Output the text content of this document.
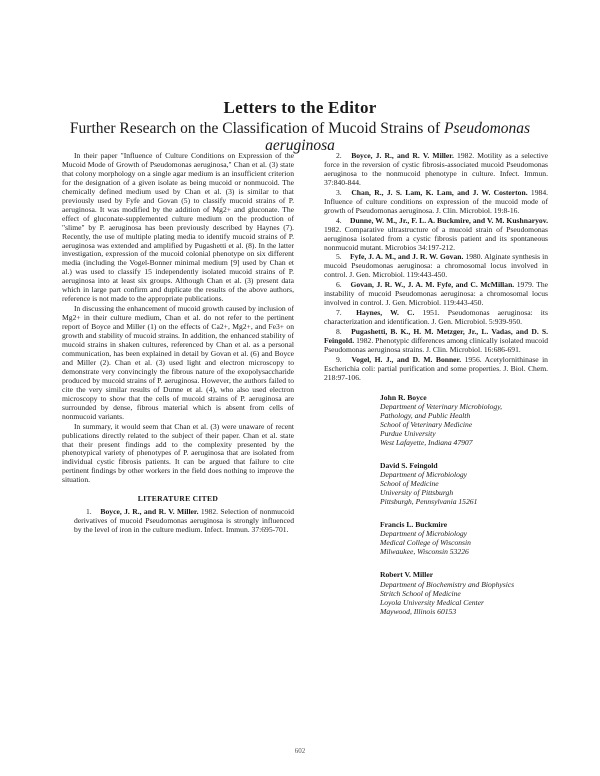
Letters to the Editor
Further Research on the Classification of Mucoid Strains of Pseudomonas
aeruginosa

In their paper "Influence of Culture Conditions on Expression of the Mucoid Mode of Growth of Pseudomonas aeruginosa," Chan et al. (3) state that colony morphology on a single agar medium is an insufficient criterion for the designation of a given isolate as being mucoid or nonmucoid. The chemically defined medium used by Chan et al. (3) is similar to that previously used by Fyfe and Govan (5) to classify mucoid strains of P. aeruginosa. It was modified by the addition of Mg2+ and gluconate. The effect of gluconate-supplemented culture medium on the production of "slime" by P. aeruginosa has been previously described by Haynes (7). Recently, the use of multiple plating media to identify mucoid strains of P. aeruginosa was extended and amplified by Pugashetti et al. (8). In the latter investigation, expression of the mucoid colonial phenotype on six different media (including the Vogel-Bonner minimal medium [9] used by Chan et al.) was used to classify 15 independently isolated mucoid strains of P. aeruginosa into at least six groups. Although Chan et al. (3) present data which in large part confirm and duplicate the results of the above authors, reference is not made to the appropriate publications.

In discussing the enhancement of mucoid growth caused by inclusion of Mg2+ in their culture medium, Chan et al. do not refer to the pertinent report of Boyce and Miller (1) on the effects of Ca2+, Mg2+, and Fe3+ on growth and stability of mucoid strains. In addition, the enhanced stability of mucoid strains in shaken cultures, referenced by Chan et al. as a personal communication, has been explained in detail by Govan et al. (6) and Boyce and Miller (2). Chan et al. (3) used light and electron microscopy to demonstrate very convincingly the fibrous nature of the exopolysaccharide produced by mucoid strains of P. aeruginosa. However, the authors failed to cite the very similar results of Dunne et al. (4), who also used electron microscopy to show that the cells of mucoid strains of P. aeruginosa are surrounded by dense, fibrous material which is absent from cells of nonmucoid variants.

In summary, it would seem that Chan et al. (3) were unaware of recent publications directly related to the subject of their paper. Chan et al. state that their present findings add to the complexity presented by the phenotypical variety of phenotypes of P. aeruginosa that are isolated from individual cystic fibrosis patients. It can be argued that failure to cite pertinent findings by other workers in the field does nothing to improve the situation.

LITERATURE CITED

1. Boyce, J. R., and R. V. Miller. 1982. Selection of nonmucoid derivatives of mucoid Pseudomonas aeruginosa is strongly influenced by the level of iron in the culture medium. Infect. Immun. 37:695-701.

2. Boyce, J. R., and R. V. Miller. 1982. Motility as a selective force in the reversion of cystic fibrosis-associated mucoid Pseudomonas aeruginosa to the nonmucoid phenotype in culture. Infect. Immun. 37:840-844.

3. Chan, R., J. S. Lam, K. Lam, and J. W. Costerton. 1984. Influence of culture conditions on expression of the mucoid mode of growth of Pseudomonas aeruginosa. J. Clin. Microbiol. 19:8-16.

4. Dunne, W. M., Jr., F. L. A. Buckmire, and V. M. Kushnaryov. 1982. Comparative ultrastructure of a mucoid strain of Pseudomonas aeruginosa isolated from a cystic fibrosis patient and its spontaneous nonmucoid mutant. Microbios 34:197-212.

5. Fyfe, J. A. M., and J. R. W. Govan. 1980. Alginate synthesis in mucoid Pseudomonas aeruginosa: a chromosomal locus involved in control. J. Gen. Microbiol. 119:443-450.

6. Govan, J. R. W., J. A. M. Fyfe, and C. McMillan. 1979. The instability of mucoid Pseudomonas aeruginosa: a chromosomal locus involved in control. J. Gen. Microbiol. 119:443-450.

7. Haynes, W. C. 1951. Pseudomonas aeruginosa: its characterization and identification. J. Gen. Microbiol. 5:939-950.

8. Pugashetti, B. K., H. M. Metzger, Jr., L. Vadas, and D. S. Feingold. 1982. Phenotypic differences among clinically isolated mucoid Pseudomonas aeruginosa strains. J. Clin. Microbiol. 16:686-691.

9. Vogel, H. J., and D. M. Bonner. 1956. Acetylornithinase in Escherichia coli: partial purification and some properties. J. Biol. Chem. 218:97-106.

John R. Boyce
Department of Veterinary Microbiology,
Pathology, and Public Health
School of Veterinary Medicine
Purdue University
West Lafayette, Indiana 47907
David S. Feingold
Department of Microbiology
School of Medicine
University of Pittsburgh
Pittsburgh, Pennsylvania 15261
Francis L. Buckmire
Department of Microbiology
Medical College of Wisconsin
Milwaukee, Wisconsin 53226
Robert V. Miller
Department of Biochemistry and Biophysics
Stritch School of Medicine
Loyola University Medical Center
Maywood, Illinois 60153
602
